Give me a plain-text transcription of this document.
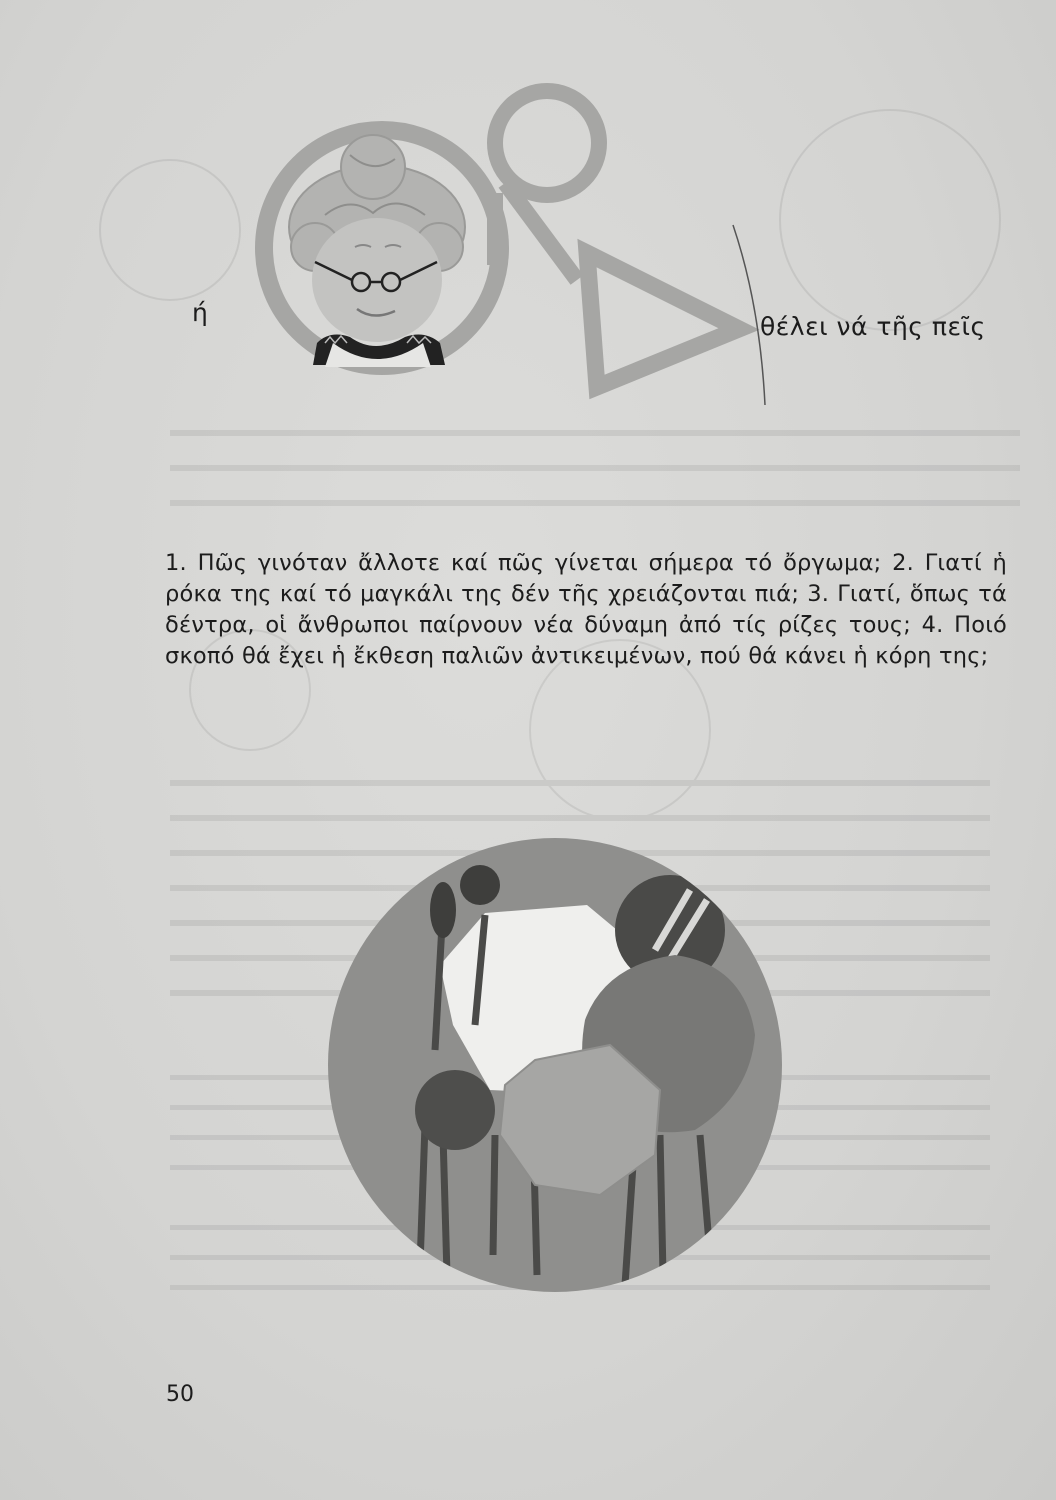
ή	θέλει νά τῆς πεῖς

1. Πῶς γινόταν ἄλλοτε καί πῶς γίνεται σήμερα τό ὄργωμα; 2. Γιατί ἡ ρόκα της καί τό μαγκάλι της δέν τῆς χρειάζονται πιά; 3. Γιατί, ὅπως τά δέντρα, οἱ ἄνθρωποι παίρνουν νέα δύναμη ἀπό τίς ρίζες τους; 4. Ποιό σκοπό θά ἔχει ἡ ἔκθεση παλιῶν ἀντικειμένων, πού θά κάνει ἡ κόρη της;

50
